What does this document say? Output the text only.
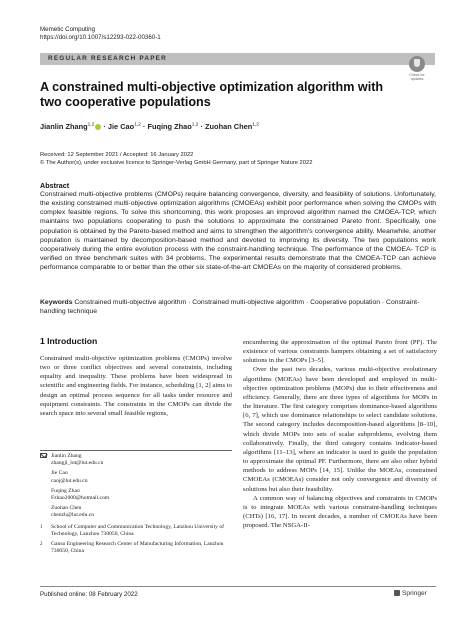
Memetic Computing
https://doi.org/10.1007/s12293-022-00360-1
REGULAR RESEARCH PAPER
Check for updates
A constrained multi-objective optimization algorithm with two cooperative populations
Jianlin Zhang$^{1,2}$ · Jie Cao$^{1,2}$ · Fuqing Zhao$^{1,2}$ · Zuohan Chen$^{1,2}$
Received: 12 September 2021 / Accepted: 16 January 2022
© The Author(s), under exclusive licence to Springer-Verlag GmbH Germany, part of Springer Nature 2022
Abstract
Constrained multi-objective problems (CMOPs) require balancing convergence, diversity, and feasibility of solutions. Unfortunately, the existing constrained multi-objective optimization algorithms (CMOEAs) exhibit poor performance when solving the CMOPs with complex feasible regions. To solve this shortcoming, this work proposes an improved algorithm named the CMOEA-TCP, which maintains two populations cooperating to push the solutions to approximate the constrained Pareto front. Specifically, one population is obtained by the Pareto-based method and aims to strengthen the algorithm’s convergence ability. Meanwhile, another population is maintained by decomposition-based method and devoted to improving its diversity. The two populations work cooperatively during the entire evolution process with the constraint-handling technique. The performance of the CMOEA- TCP is verified on three benchmark suites with 34 problems. The experimental results demonstrate that the CMOEA-TCP can achieve performance comparable to or better than the other six state-of-the-art CMOEAs on the majority of considered problems.
Keywords Constrained multi-objective algorithm · Constrained multi-objective algorithm · Cooperative population · Constraint-handling technique
1 Introduction
Constrained multi-objective optimization problems (CMOPs) involve two or three conflict objectives and several constraints, including equality and inequality. These problems have been widespread in scientific and engineering fields. For instance, scheduling [1, 2] aims to design an optimal process sequence for all tasks under resource and equipment constraints. The constraints in the CMOPs can divide the search space into several small feasible regions,
encumbering the approximation of the optimal Pareto front (PF). The existence of various constraints hampers obtaining a set of satisfactory solutions in the CMOPs [3–5].
Over the past two decades, various multi-objective evolutionary algorithms (MOEAs) have been developed and employed in multi-objective optimization problems (MOPs) due to their effectiveness and efficiency. Generally, there are three types of algorithms for MOPs in the literature. The first category comprises dominance-based algorithms [6, 7], which use dominance relationships to select candidate solutions. The second category includes decomposition-based algorithms [8–10], which divide MOPs into sets of scalar subproblems, evolving them collaboratively. Finally, the third category contains indicator-based algorithms [11–13], where an indicator is used to guide the population to approximate the optimal PF. Furthermore, there are also other hybrid methods to address MOPs [14, 15]. Unlike the MOEAs, constrained CMOEAs (CMOEAs) consider not only convergence and diversity of solutions but also their feasibility.
A common way of balancing objectives and constraints in CMOPs is to integrate MOEAs with various constraint-handling techniques (CHTs) [16, 17]. In recent decades, a number of CMOEAs have been proposed. The NSGA-II-
Jianlin Zhang
zhangjl_lut@lut.edu.cn
Jie Cao
caoj@lut.edu.cn
Fuqing Zhao
Fzhao2000@hotmail.com
Zuohan Chen
chenzh@lut.edu.cn
1	School of Computer and Communication Technology, Lanzhou University of Technology, Lanzhou 730050, China
2	Gansu Engineering Research Center of Manufacturing Information, Lanzhou 730050, China
Published online: 08 February 2022	Springer
